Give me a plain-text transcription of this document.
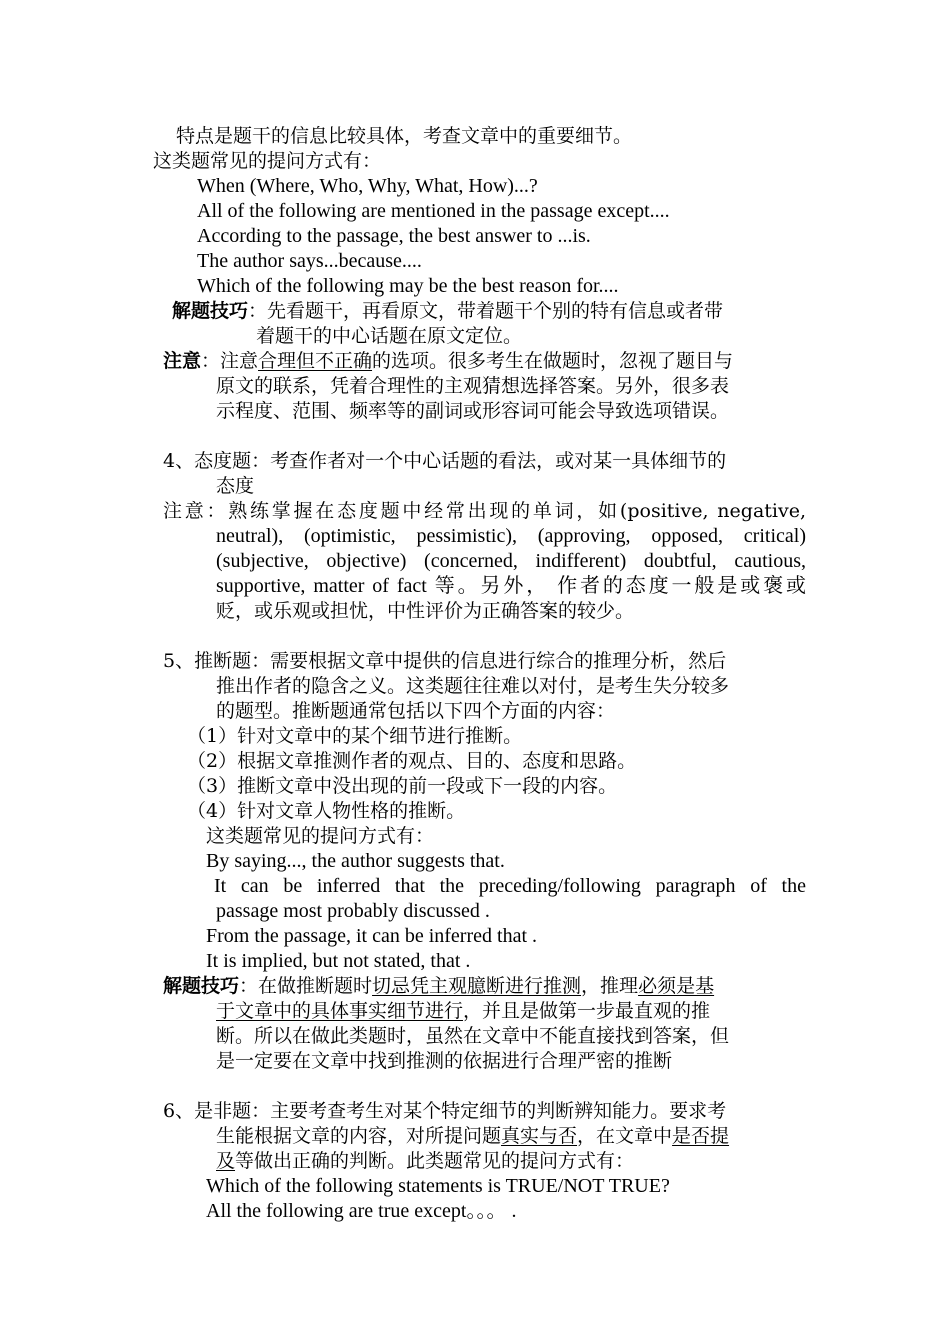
特点是题干的信息比较具体，考查文章中的重要细节。
这类题常见的提问方式有：
When (Where, Who, Why, What, How)...?
All of the following are mentioned in the passage except....
According to the passage, the best answer to ...is.
The author says...because....
Which of the following may be the best reason for....
解题技巧：先看题干，再看原文，带着题干个别的特有信息或者带
着题干的中心话题在原文定位。
注意：注意合理但不正确的选项。很多考生在做题时，忽视了题目与
原文的联系，凭着合理性的主观猜想选择答案。另外，很多表
示程度、范围、频率等的副词或形容词可能会导致选项错误。
4、态度题：考查作者对一个中心话题的看法，或对某一具体细节的
态度
注意：熟练掌握在态度题中经常出现的单词，如(positive, negative,
neutral), (optimistic, pessimistic), (approving, opposed, critical)
(subjective, objective) (concerned, indifferent) doubtful, cautious,
supportive, matter of fact 等。另外， 作者的态度一般是或褒或
贬，或乐观或担忧，中性评价为正确答案的较少。
5、推断题：需要根据文章中提供的信息进行综合的推理分析，然后
推出作者的隐含之义。这类题往往难以对付，是考生失分较多
的题型。推断题通常包括以下四个方面的内容：
（1）针对文章中的某个细节进行推断。
（2）根据文章推测作者的观点、目的、态度和思路。
（3）推断文章中没出现的前一段或下一段的内容。
（4）针对文章人物性格的推断。
这类题常见的提问方式有：
By saying..., the author suggests that.
It can be inferred that the preceding/following paragraph of the
passage most probably discussed .
From the passage, it can be inferred that .
It is implied, but not stated, that .
解题技巧：在做推断题时切忌凭主观臆断进行推测，推理必须是基
于文章中的具体事实细节进行，并且是做第一步最直观的推
断。所以在做此类题时，虽然在文章中不能直接找到答案，但
是一定要在文章中找到推测的依据进行合理严密的推断
6、是非题：主要考查考生对某个特定细节的判断辨知能力。要求考
生能根据文章的内容，对所提问题真实与否，在文章中是否提
及等做出正确的判断。此类题常见的提问方式有：
Which of the following statements is TRUE/NOT TRUE?
All the following are true except。。。 .
